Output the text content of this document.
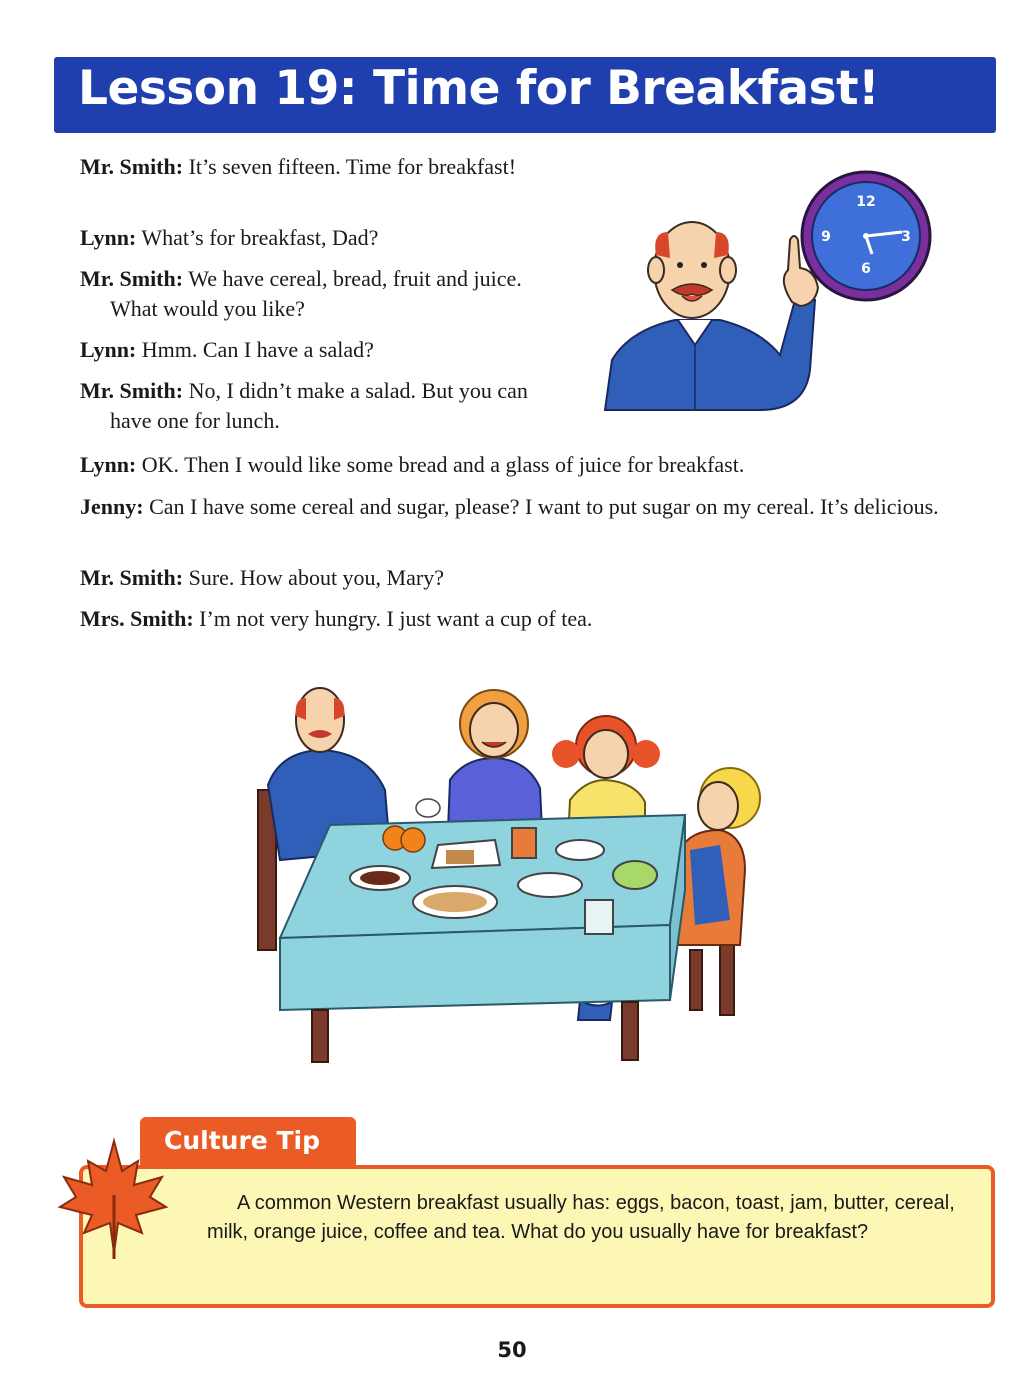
Lesson 19: Time for Breakfast!

Mr. Smith: It’s seven fifteen. Time for breakfast!

Lynn: What’s for breakfast, Dad?

Mr. Smith: We have cereal, bread, fruit and juice. What would you like?

Lynn: Hmm. Can I have a salad?

Mr. Smith: No, I didn’t make a salad. But you can have one for lunch.

Lynn: OK. Then I would like some bread and a glass of juice for breakfast.

Jenny: Can I have some cereal and sugar, please? I want to put sugar on my cereal. It’s delicious.

Mr. Smith: Sure. How about you, Mary?

Mrs. Smith: I’m not very hungry. I just want a cup of tea.

12
3
6
9
Culture Tip

A common Western breakfast usually has: eggs, bacon, toast, jam, butter, cereal, milk, orange juice, coffee and tea. What do you usually have for breakfast?

50
